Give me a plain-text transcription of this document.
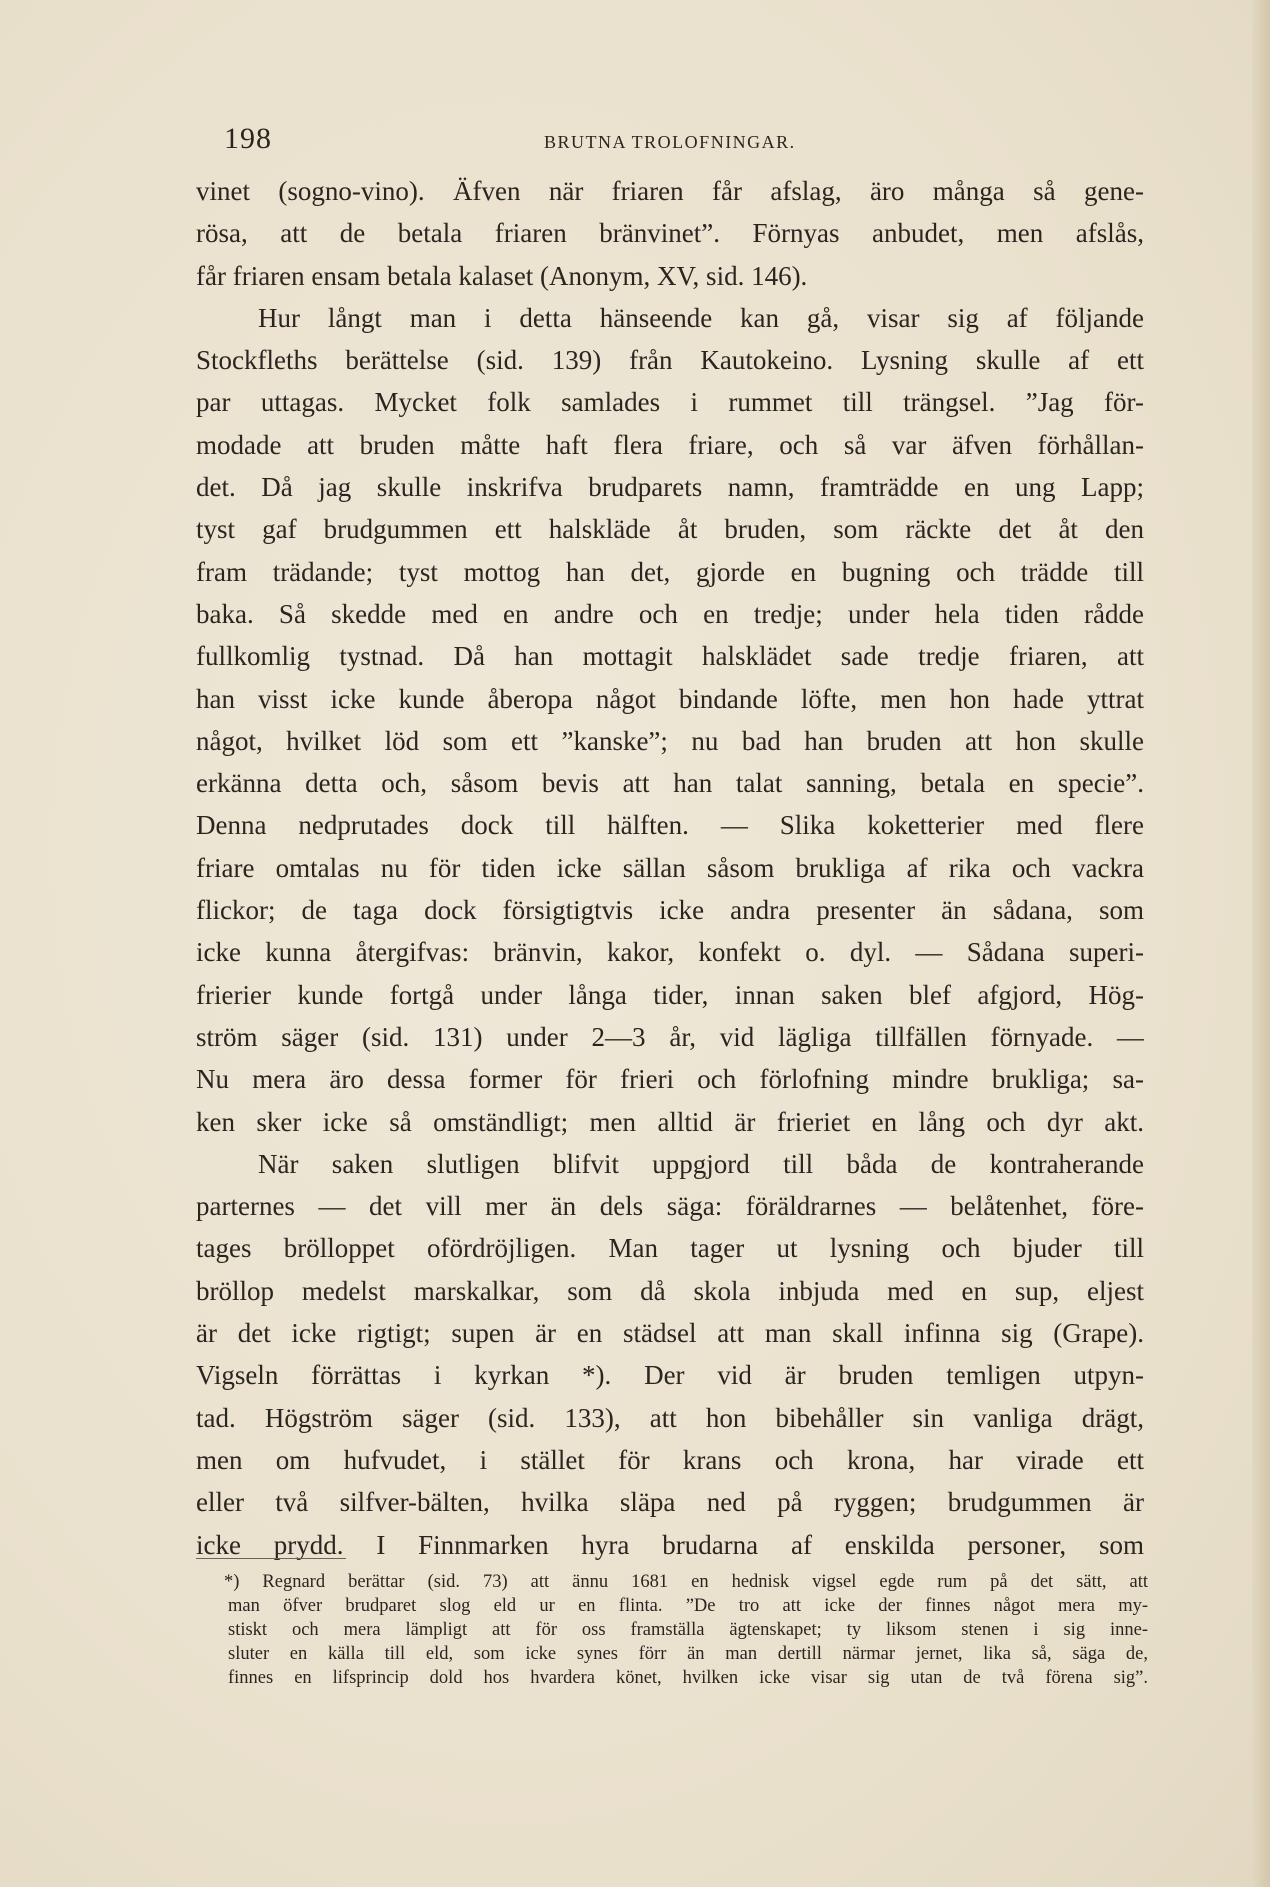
198	BRUTNA TROLOFNINGAR.
vinet (sogno-vino). Äfven när friaren får afslag, äro många så gene-
rösa, att de betala friaren bränvinet”. Förnyas anbudet, men afslås,
får friaren ensam betala kalaset (Anonym, XV, sid. 146).
Hur långt man i detta hänseende kan gå, visar sig af följande
Stockfleths berättelse (sid. 139) från Kautokeino. Lysning skulle af ett
par uttagas. Mycket folk samlades i rummet till trängsel. ”Jag för-
modade att bruden måtte haft flera friare, och så var äfven förhållan-
det. Då jag skulle inskrifva brudparets namn, framträdde en ung Lapp;
tyst gaf brudgummen ett halskläde åt bruden, som räckte det åt den
fram trädande; tyst mottog han det, gjorde en bugning och trädde till
baka. Så skedde med en andre och en tredje; under hela tiden rådde
fullkomlig tystnad. Då han mottagit halsklädet sade tredje friaren, att
han visst icke kunde åberopa något bindande löfte, men hon hade yttrat
något, hvilket löd som ett ”kanske”; nu bad han bruden att hon skulle
erkänna detta och, såsom bevis att han talat sanning, betala en specie”.
Denna nedprutades dock till hälften. — Slika koketterier med flere
friare omtalas nu för tiden icke sällan såsom brukliga af rika och vackra
flickor; de taga dock försigtigtvis icke andra presenter än sådana, som
icke kunna återgifvas: bränvin, kakor, konfekt o. dyl. — Sådana superi-
frierier kunde fortgå under långa tider, innan saken blef afgjord, Hög-
ström säger (sid. 131) under 2—3 år, vid lägliga tillfällen förnyade. —
Nu mera äro dessa former för frieri och förlofning mindre brukliga; sa-
ken sker icke så omständligt; men alltid är frieriet en lång och dyr akt.
När saken slutligen blifvit uppgjord till båda de kontraherande
parternes — det vill mer än dels säga: föräldrarnes — belåtenhet, före-
tages brölloppet ofördröjligen. Man tager ut lysning och bjuder till
bröllop medelst marskalkar, som då skola inbjuda med en sup, eljest
är det icke rigtigt; supen är en städsel att man skall infinna sig (Grape).
Vigseln förrättas i kyrkan *). Der vid är bruden temligen utpyn-
tad. Högström säger (sid. 133), att hon bibehåller sin vanliga drägt,
men om hufvudet, i stället för krans och krona, har virade ett
eller två silfver-bälten, hvilka släpa ned på ryggen; brudgummen är
icke prydd. I Finnmarken hyra brudarna af enskilda personer, som
*) Regnard berättar (sid. 73) att ännu 1681 en hednisk vigsel egde rum på det sätt, att
man öfver brudparet slog eld ur en flinta. ”De tro att icke der finnes något mera my-
stiskt och mera lämpligt att för oss framställa ägtenskapet; ty liksom stenen i sig inne-
sluter en källa till eld, som icke synes förr än man dertill närmar jernet, lika så, säga de,
finnes en lifsprincip dold hos hvardera könet, hvilken icke visar sig utan de två förena sig”.
